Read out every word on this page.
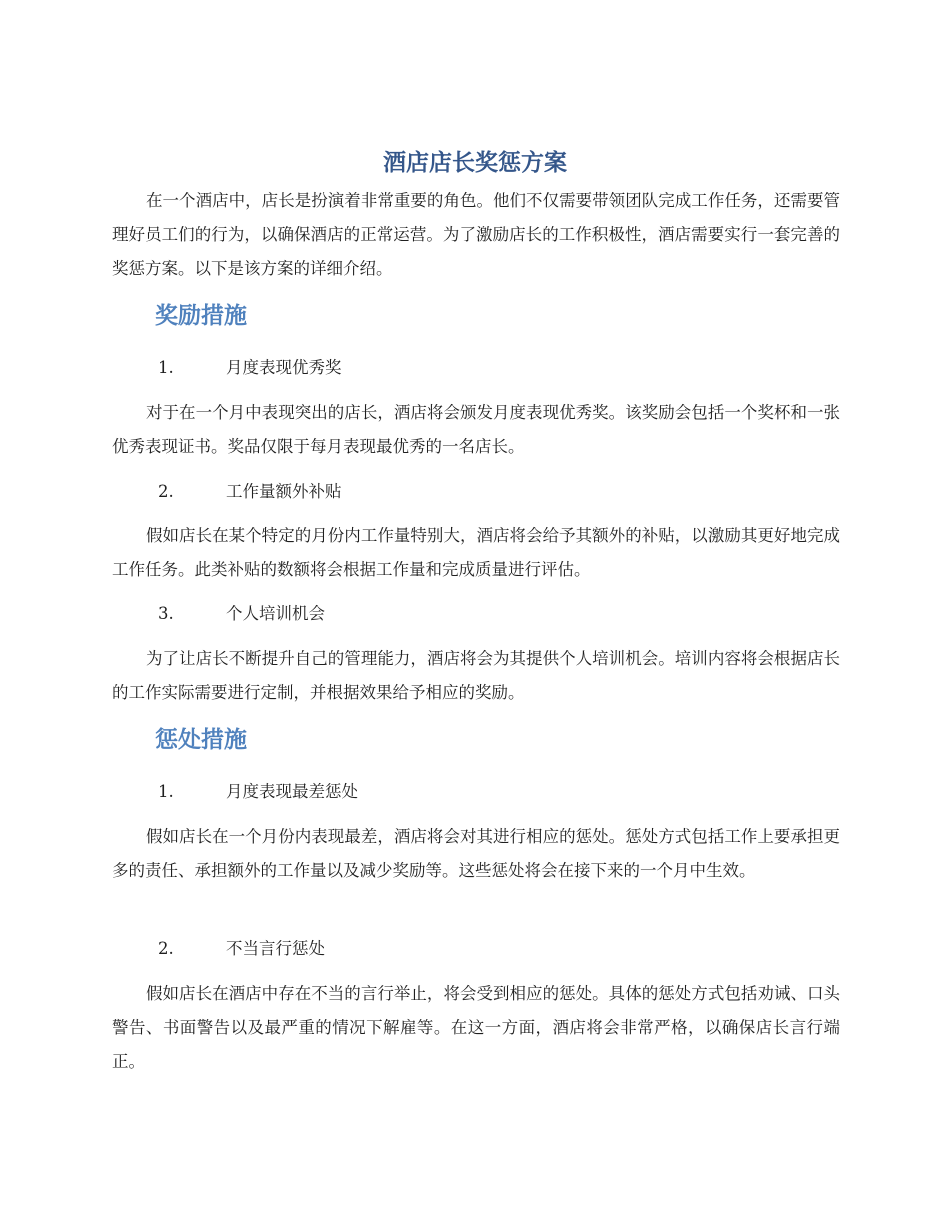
酒店店长奖惩方案

在一个酒店中，店长是扮演着非常重要的角色。他们不仅需要带领团队完成工作任务，还需要管理好员工们的行为，以确保酒店的正常运营。为了激励店长的工作积极性，酒店需要实行一套完善的奖惩方案。以下是该方案的详细介绍。

奖励措施
1.	月度表现优秀奖

对于在一个月中表现突出的店长，酒店将会颁发月度表现优秀奖。该奖励会包括一个奖杯和一张优秀表现证书。奖品仅限于每月表现最优秀的一名店长。

2.	工作量额外补贴

假如店长在某个特定的月份内工作量特别大，酒店将会给予其额外的补贴，以激励其更好地完成工作任务。此类补贴的数额将会根据工作量和完成质量进行评估。

3.	个人培训机会

为了让店长不断提升自己的管理能力，酒店将会为其提供个人培训机会。培训内容将会根据店长的工作实际需要进行定制，并根据效果给予相应的奖励。

惩处措施
1.	月度表现最差惩处

假如店长在一个月份内表现最差，酒店将会对其进行相应的惩处。惩处方式包括工作上要承担更多的责任、承担额外的工作量以及减少奖励等。这些惩处将会在接下来的一个月中生效。

2.	不当言行惩处

假如店长在酒店中存在不当的言行举止，将会受到相应的惩处。具体的惩处方式包括劝诫、口头警告、书面警告以及最严重的情况下解雇等。在这一方面，酒店将会非常严格，以确保店长言行端正。
